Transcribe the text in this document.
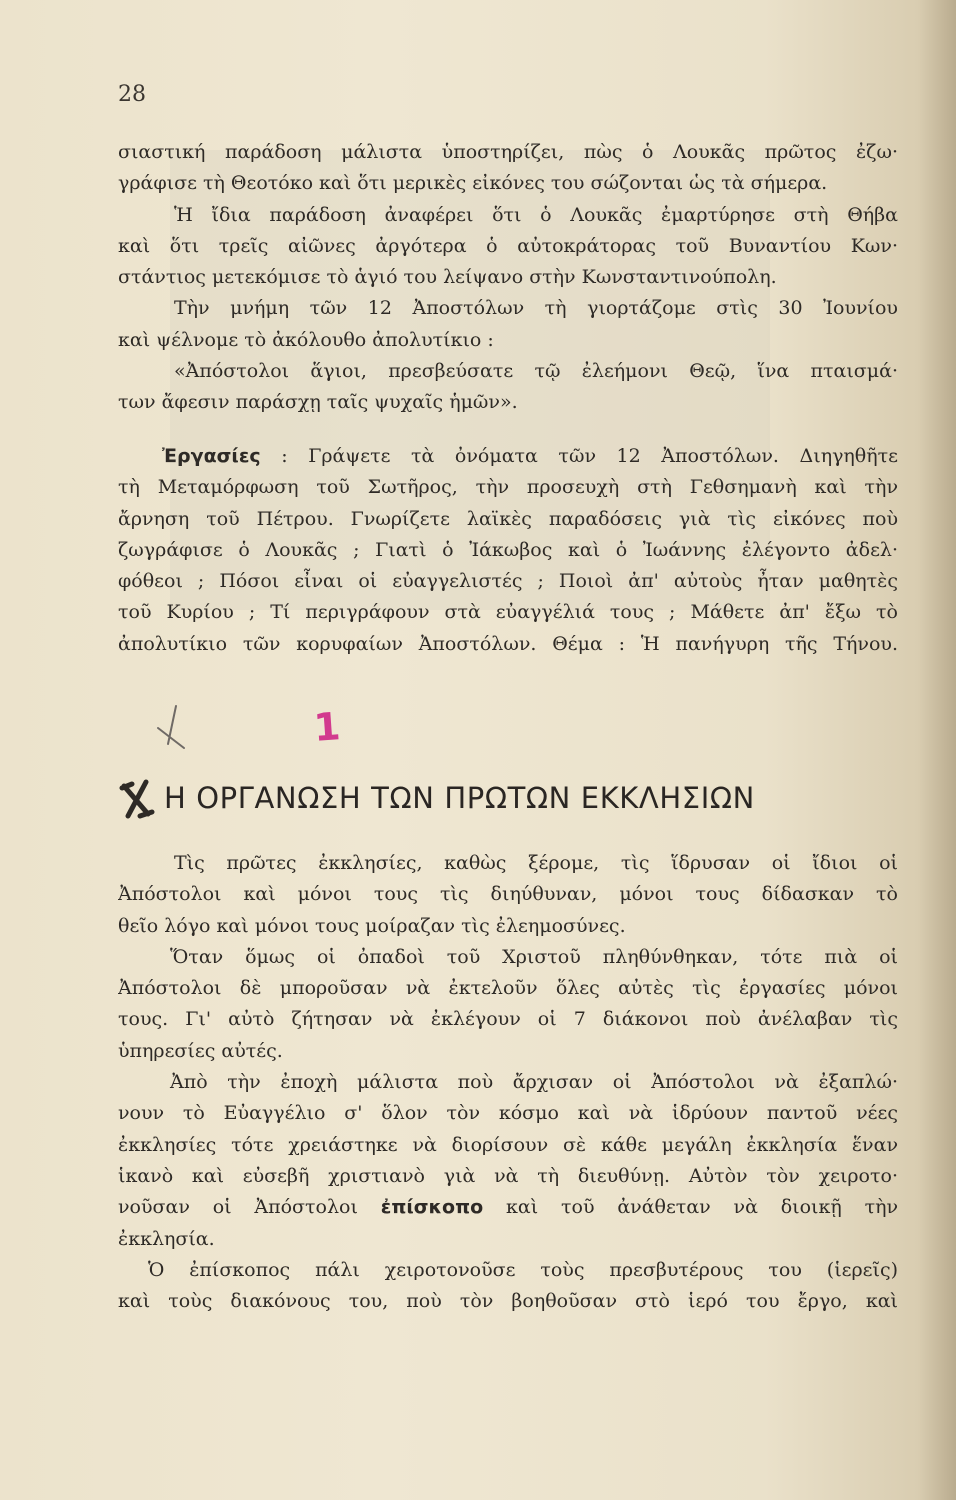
28
σιαστική παράδοση μάλιστα ὑποστηρίζει, πὼς ὁ Λουκᾶς πρῶτος ἐζω·
γράφισε τὴ Θεοτόκο καὶ ὅτι μερικὲς εἰκόνες του σώζονται ὡς τὰ σήμερα.
Ἡ ἴδια παράδοση ἀναφέρει ὅτι ὁ Λουκᾶς ἐμαρτύρησε στὴ Θήβα
καὶ ὅτι τρεῖς αἰῶνες ἀργότερα ὁ αὐτοκράτορας τοῦ Βυναντίου Κων·
στάντιος μετεκόμισε τὸ ἁγιό του λείψανο στὴν Κωνσταντινούπολη.
Τὴν μνήμη τῶν 12 Ἀποστόλων τὴ γιορτάζομε στὶς 30 Ἰουνίου
καὶ ψέλνομε τὸ ἀκόλουθο ἀπολυτίκιο :
«Ἀπόστολοι ἅγιοι, πρεσβεύσατε τῷ ἐλεήμονι Θεῷ, ἵνα πταισμά·
των ἄφεσιν παράσχῃ ταῖς ψυχαῖς ἡμῶν».
Ἐργασίες : Γράψετε τὰ ὀνόματα τῶν 12 Ἀποστόλων. Διηγηθῆτε
τὴ Μεταμόρφωση τοῦ Σωτῆρος, τὴν προσευχὴ στὴ Γεθσημανὴ καὶ τὴν
ἄρνηση τοῦ Πέτρου. Γνωρίζετε λαϊκὲς παραδόσεις γιὰ τὶς εἰκόνες ποὺ
ζωγράφισε ὁ Λουκᾶς ; Γιατὶ ὁ Ἰάκωβος καὶ ὁ Ἰωάννης ἐλέγοντο ἀδελ·
φόθεοι ; Πόσοι εἶναι οἱ εὐαγγελιστές ; Ποιοὶ ἀπ' αὐτοὺς ἦταν μαθητὲς
τοῦ Κυρίου ; Τί περιγράφουν στὰ εὐαγγέλιά τους ; Μάθετε ἀπ' ἔξω τὸ
ἀπολυτίκιο τῶν κορυφαίων Ἀποστόλων. Θέμα : Ἡ πανήγυρη τῆς Τήνου.
1
Η ΟΡΓΑΝΩΣΗ ΤΩΝ ΠΡΩΤΩΝ ΕΚΚΛΗΣΙΩΝ
Τὶς πρῶτες ἐκκλησίες, καθὼς ξέρομε, τὶς ἵδρυσαν οἱ ἴδιοι οἱ
Ἀπόστολοι καὶ μόνοι τους τὶς διηύθυναν, μόνοι τους δίδασκαν τὸ
θεῖο λόγο καὶ μόνοι τους μοίραζαν τὶς ἐλεημοσύνες.
Ὅταν ὅμως οἱ ὀπαδοὶ τοῦ Χριστοῦ πληθύνθηκαν, τότε πιὰ οἱ
Ἀπόστολοι δὲ μποροῦσαν νὰ ἐκτελοῦν ὅλες αὐτὲς τὶς ἐργασίες μόνοι
τους. Γι' αὐτὸ ζήτησαν νὰ ἐκλέγουν οἱ 7 διάκονοι ποὺ ἀνέλαβαν τὶς
ὑπηρεσίες αὐτές.
Ἀπὸ τὴν ἐποχὴ μάλιστα ποὺ ἄρχισαν οἱ Ἀπόστολοι νὰ ἐξαπλώ·
νουν τὸ Εὐαγγέλιο σ' ὅλον τὸν κόσμο καὶ νὰ ἱδρύουν παντοῦ νέες
ἐκκλησίες τότε χρειάστηκε νὰ διορίσουν σὲ κάθε μεγάλη ἐκκλησία ἕναν
ἱκανὸ καὶ εὐσεβῆ χριστιανὸ γιὰ νὰ τὴ διευθύνῃ. Αὐτὸν τὸν χειροτο·
νοῦσαν οἱ Ἀπόστολοι ἐπίσκοπο καὶ τοῦ ἀνάθεταν νὰ διοικῇ τὴν
ἐκκλησία.
Ὁ ἐπίσκοπος πάλι χειροτονοῦσε τοὺς πρεσβυτέρους του (ἱερεῖς)
καὶ τοὺς διακόνους του, ποὺ τὸν βοηθοῦσαν στὸ ἱερό του ἔργο, καὶ
